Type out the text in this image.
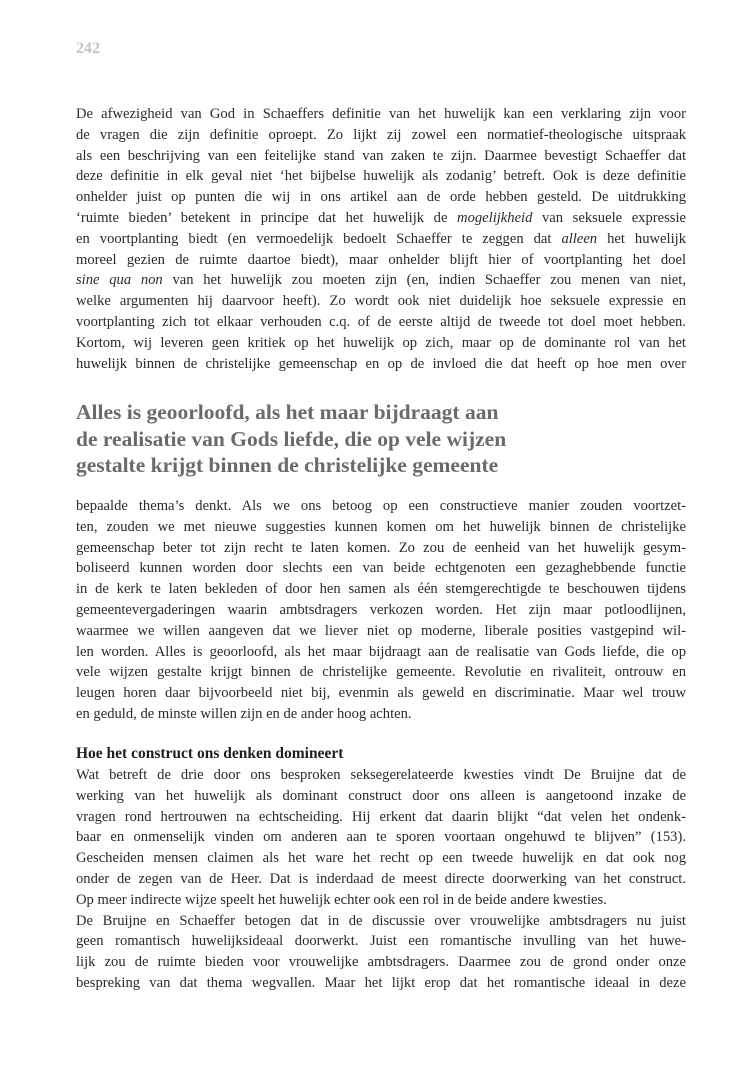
242
De afwezigheid van God in Schaeffers definitie van het huwelijk kan een verklaring zijn voor
de vragen die zijn definitie oproept. Zo lijkt zij zowel een normatief-theologische uitspraak
als een beschrijving van een feitelijke stand van zaken te zijn. Daarmee bevestigt Schaeffer dat
deze definitie in elk geval niet ‘het bijbelse huwelijk als zodanig’ betreft. Ook is deze definitie
onhelder juist op punten die wij in ons artikel aan de orde hebben gesteld. De uitdrukking
‘ruimte bieden’ betekent in principe dat het huwelijk de mogelijkheid van seksuele expressie
en voortplanting biedt (en vermoedelijk bedoelt Schaeffer te zeggen dat alleen het huwelijk
moreel gezien de ruimte daartoe biedt), maar onhelder blijft hier of voortplanting het doel
sine qua non van het huwelijk zou moeten zijn (en, indien Schaeffer zou menen van niet,
welke argumenten hij daarvoor heeft). Zo wordt ook niet duidelijk hoe seksuele expressie en
voortplanting zich tot elkaar verhouden c.q. of de eerste altijd de tweede tot doel moet hebben.
Kortom, wij leveren geen kritiek op het huwelijk op zich, maar op de dominante rol van het
huwelijk binnen de christelijke gemeenschap en op de invloed die dat heeft op hoe men over
Alles is geoorloofd, als het maar bijdraagt aan
de realisatie van Gods liefde, die op vele wijzen
gestalte krijgt binnen de christelijke gemeente
bepaalde thema’s denkt. Als we ons betoog op een constructieve manier zouden voortzet-
ten, zouden we met nieuwe suggesties kunnen komen om het huwelijk binnen de christelijke
gemeenschap beter tot zijn recht te laten komen. Zo zou de eenheid van het huwelijk gesym-
boliseerd kunnen worden door slechts een van beide echtgenoten een gezaghebbende functie
in de kerk te laten bekleden of door hen samen als één stemgerechtigde te beschouwen tijdens
gemeentevergaderingen waarin ambtsdragers verkozen worden. Het zijn maar potloodlijnen,
waarmee we willen aangeven dat we liever niet op moderne, liberale posities vastgepind wil-
len worden. Alles is geoorloofd, als het maar bijdraagt aan de realisatie van Gods liefde, die op
vele wijzen gestalte krijgt binnen de christelijke gemeente. Revolutie en rivaliteit, ontrouw en
leugen horen daar bijvoorbeeld niet bij, evenmin als geweld en discriminatie. Maar wel trouw
en geduld, de minste willen zijn en de ander hoog achten.
Hoe het construct ons denken domineert
Wat betreft de drie door ons besproken seksegerelateerde kwesties vindt De Bruijne dat de
werking van het huwelijk als dominant construct door ons alleen is aangetoond inzake de
vragen rond hertrouwen na echtscheiding. Hij erkent dat daarin blijkt “dat velen het ondenk-
baar en onmenselijk vinden om anderen aan te sporen voortaan ongehuwd te blijven” (153).
Gescheiden mensen claimen als het ware het recht op een tweede huwelijk en dat ook nog
onder de zegen van de Heer. Dat is inderdaad de meest directe doorwerking van het construct.
Op meer indirecte wijze speelt het huwelijk echter ook een rol in de beide andere kwesties.
De Bruijne en Schaeffer betogen dat in de discussie over vrouwelijke ambtsdragers nu juist
geen romantisch huwelijksideaal doorwerkt. Juist een romantische invulling van het huwe-
lijk zou de ruimte bieden voor vrouwelijke ambtsdragers. Daarmee zou de grond onder onze
bespreking van dat thema wegvallen. Maar het lijkt erop dat het romantische ideaal in deze
